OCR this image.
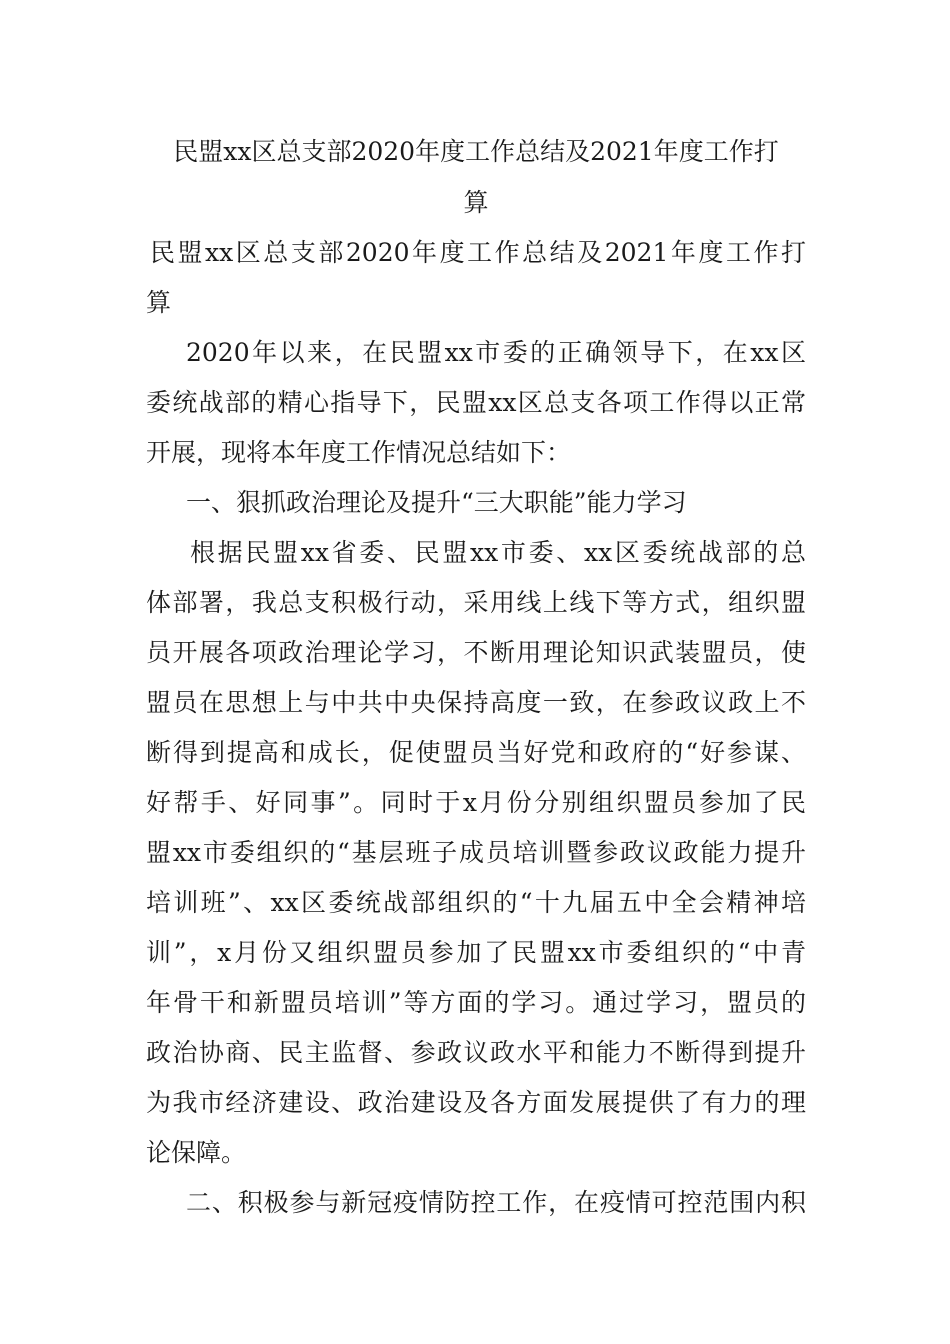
民盟xx区总支部2020年度工作总结及2021年度工作打
算
民盟xx区总支部2020年度工作总结及2021年度工作打
算
2020年以来，在民盟xx市委的正确领导下，在xx区
委统战部的精心指导下，民盟xx区总支各项工作得以正常
开展，现将本年度工作情况总结如下：
一、狠抓政治理论及提升“三大职能”能力学习
根据民盟xx省委、民盟xx市委、xx区委统战部的总
体部署，我总支积极行动，采用线上线下等方式，组织盟
员开展各项政治理论学习，不断用理论知识武装盟员，使
盟员在思想上与中共中央保持高度一致，在参政议政上不
断得到提高和成长，促使盟员当好党和政府的“好参谋、
好帮手、好同事”。同时于x月份分别组织盟员参加了民
盟xx市委组织的“基层班子成员培训暨参政议政能力提升
培训班”、xx区委统战部组织的“十九届五中全会精神培
训”，x月份又组织盟员参加了民盟xx市委组织的“中青
年骨干和新盟员培训”等方面的学习。通过学习，盟员的
政治协商、民主监督、参政议政水平和能力不断得到提升
为我市经济建设、政治建设及各方面发展提供了有力的理
论保障。
二、积极参与新冠疫情防控工作，在疫情可控范围内积
